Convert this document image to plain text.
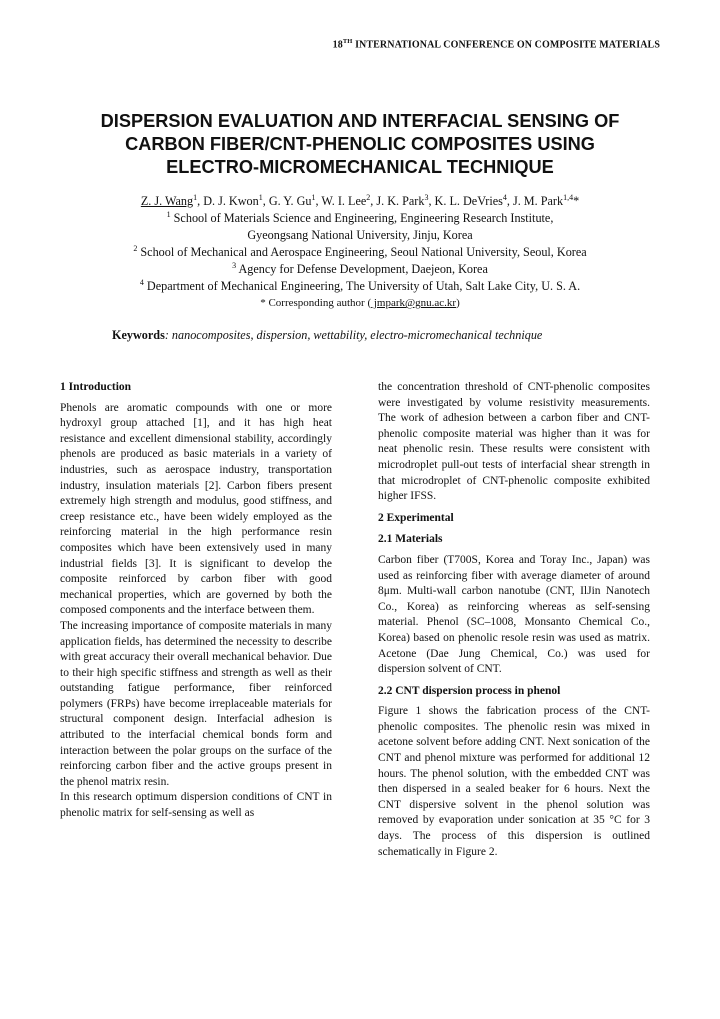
18TH INTERNATIONAL CONFERENCE ON COMPOSITE MATERIALS
DISPERSION EVALUATION AND INTERFACIAL SENSING OF
CARBON FIBER/CNT-PHENOLIC COMPOSITES USING
ELECTRO-MICROMECHANICAL TECHNIQUE
Z. J. Wang$^1$, D. J. Kwon$^1$, G. Y. Gu$^1$, W. I. Lee$^2$, J. K. Park$^3$, K. L. DeVries$^4$, J. M. Park$^{1,4}$*
$^1$ School of Materials Science and Engineering, Engineering Research Institute,
Gyeongsang National University, Jinju, Korea
$^2$ School of Mechanical and Aerospace Engineering, Seoul National University, Seoul, Korea
$^3$ Agency for Defense Development, Daejeon, Korea
$^4$ Department of Mechanical Engineering, The University of Utah, Salt Lake City, U. S. A.
* Corresponding author ( jmpark@gnu.ac.kr)
Keywords: nanocomposites, dispersion, wettability, electro-micromechanical technique
1 Introduction

Phenols are aromatic compounds with one or more hydroxyl group attached [1], and it has high heat resistance and excellent dimensional stability, accordingly phenols are produced as basic materials in a variety of industries, such as aerospace industry, transportation industry, insulation materials [2]. Carbon fibers present extremely high strength and modulus, good stiffness, and creep resistance etc., have been widely employed as the reinforcing material in the high performance resin composites which have been extensively used in many industrial fields [3]. It is significant to develop the composite reinforced by carbon fiber with good mechanical properties, which are governed by both the composed components and the interface between them.

The increasing importance of composite materials in many application fields, has determined the necessity to describe with great accuracy their overall mechanical behavior. Due to their high specific stiffness and strength as well as their outstanding fatigue performance, fiber reinforced polymers (FRPs) have become irreplaceable materials for structural component design. Interfacial adhesion is attributed to the interfacial chemical bonds form and interaction between the polar groups on the surface of the reinforcing carbon fiber and the active groups present in the phenol matrix resin.

In this research optimum dispersion conditions of CNT in phenolic matrix for self-sensing as well as

the concentration threshold of CNT-phenolic composites were investigated by volume resistivity measurements. The work of adhesion between a carbon fiber and CNT-phenolic composite material was higher than it was for neat phenolic resin. These results were consistent with microdroplet pull-out tests of interfacial shear strength in that microdroplet of CNT-phenolic composite exhibited higher IFSS.

2 Experimental
2.1 Materials

Carbon fiber (T700S, Korea and Toray Inc., Japan) was used as reinforcing fiber with average diameter of around 8μm. Multi-wall carbon nanotube (CNT, IlJin Nanotech Co., Korea) as reinforcing whereas as self-sensing material. Phenol (SC–1008, Monsanto Chemical Co., Korea) based on phenolic resole resin was used as matrix. Acetone (Dae Jung Chemical, Co.) was used for dispersion solvent of CNT.

2.2 CNT dispersion process in phenol

Figure 1 shows the fabrication process of the CNT-phenolic composites. The phenolic resin was mixed in acetone solvent before adding CNT. Next sonication of the CNT and phenol mixture was performed for additional 12 hours. The phenol solution, with the embedded CNT was then dispersed in a sealed beaker for 6 hours. Next the CNT dispersive solvent in the phenol solution was removed by evaporation under sonication at 35 °C for 3 days. The process of this dispersion is outlined schematically in Figure 2.
